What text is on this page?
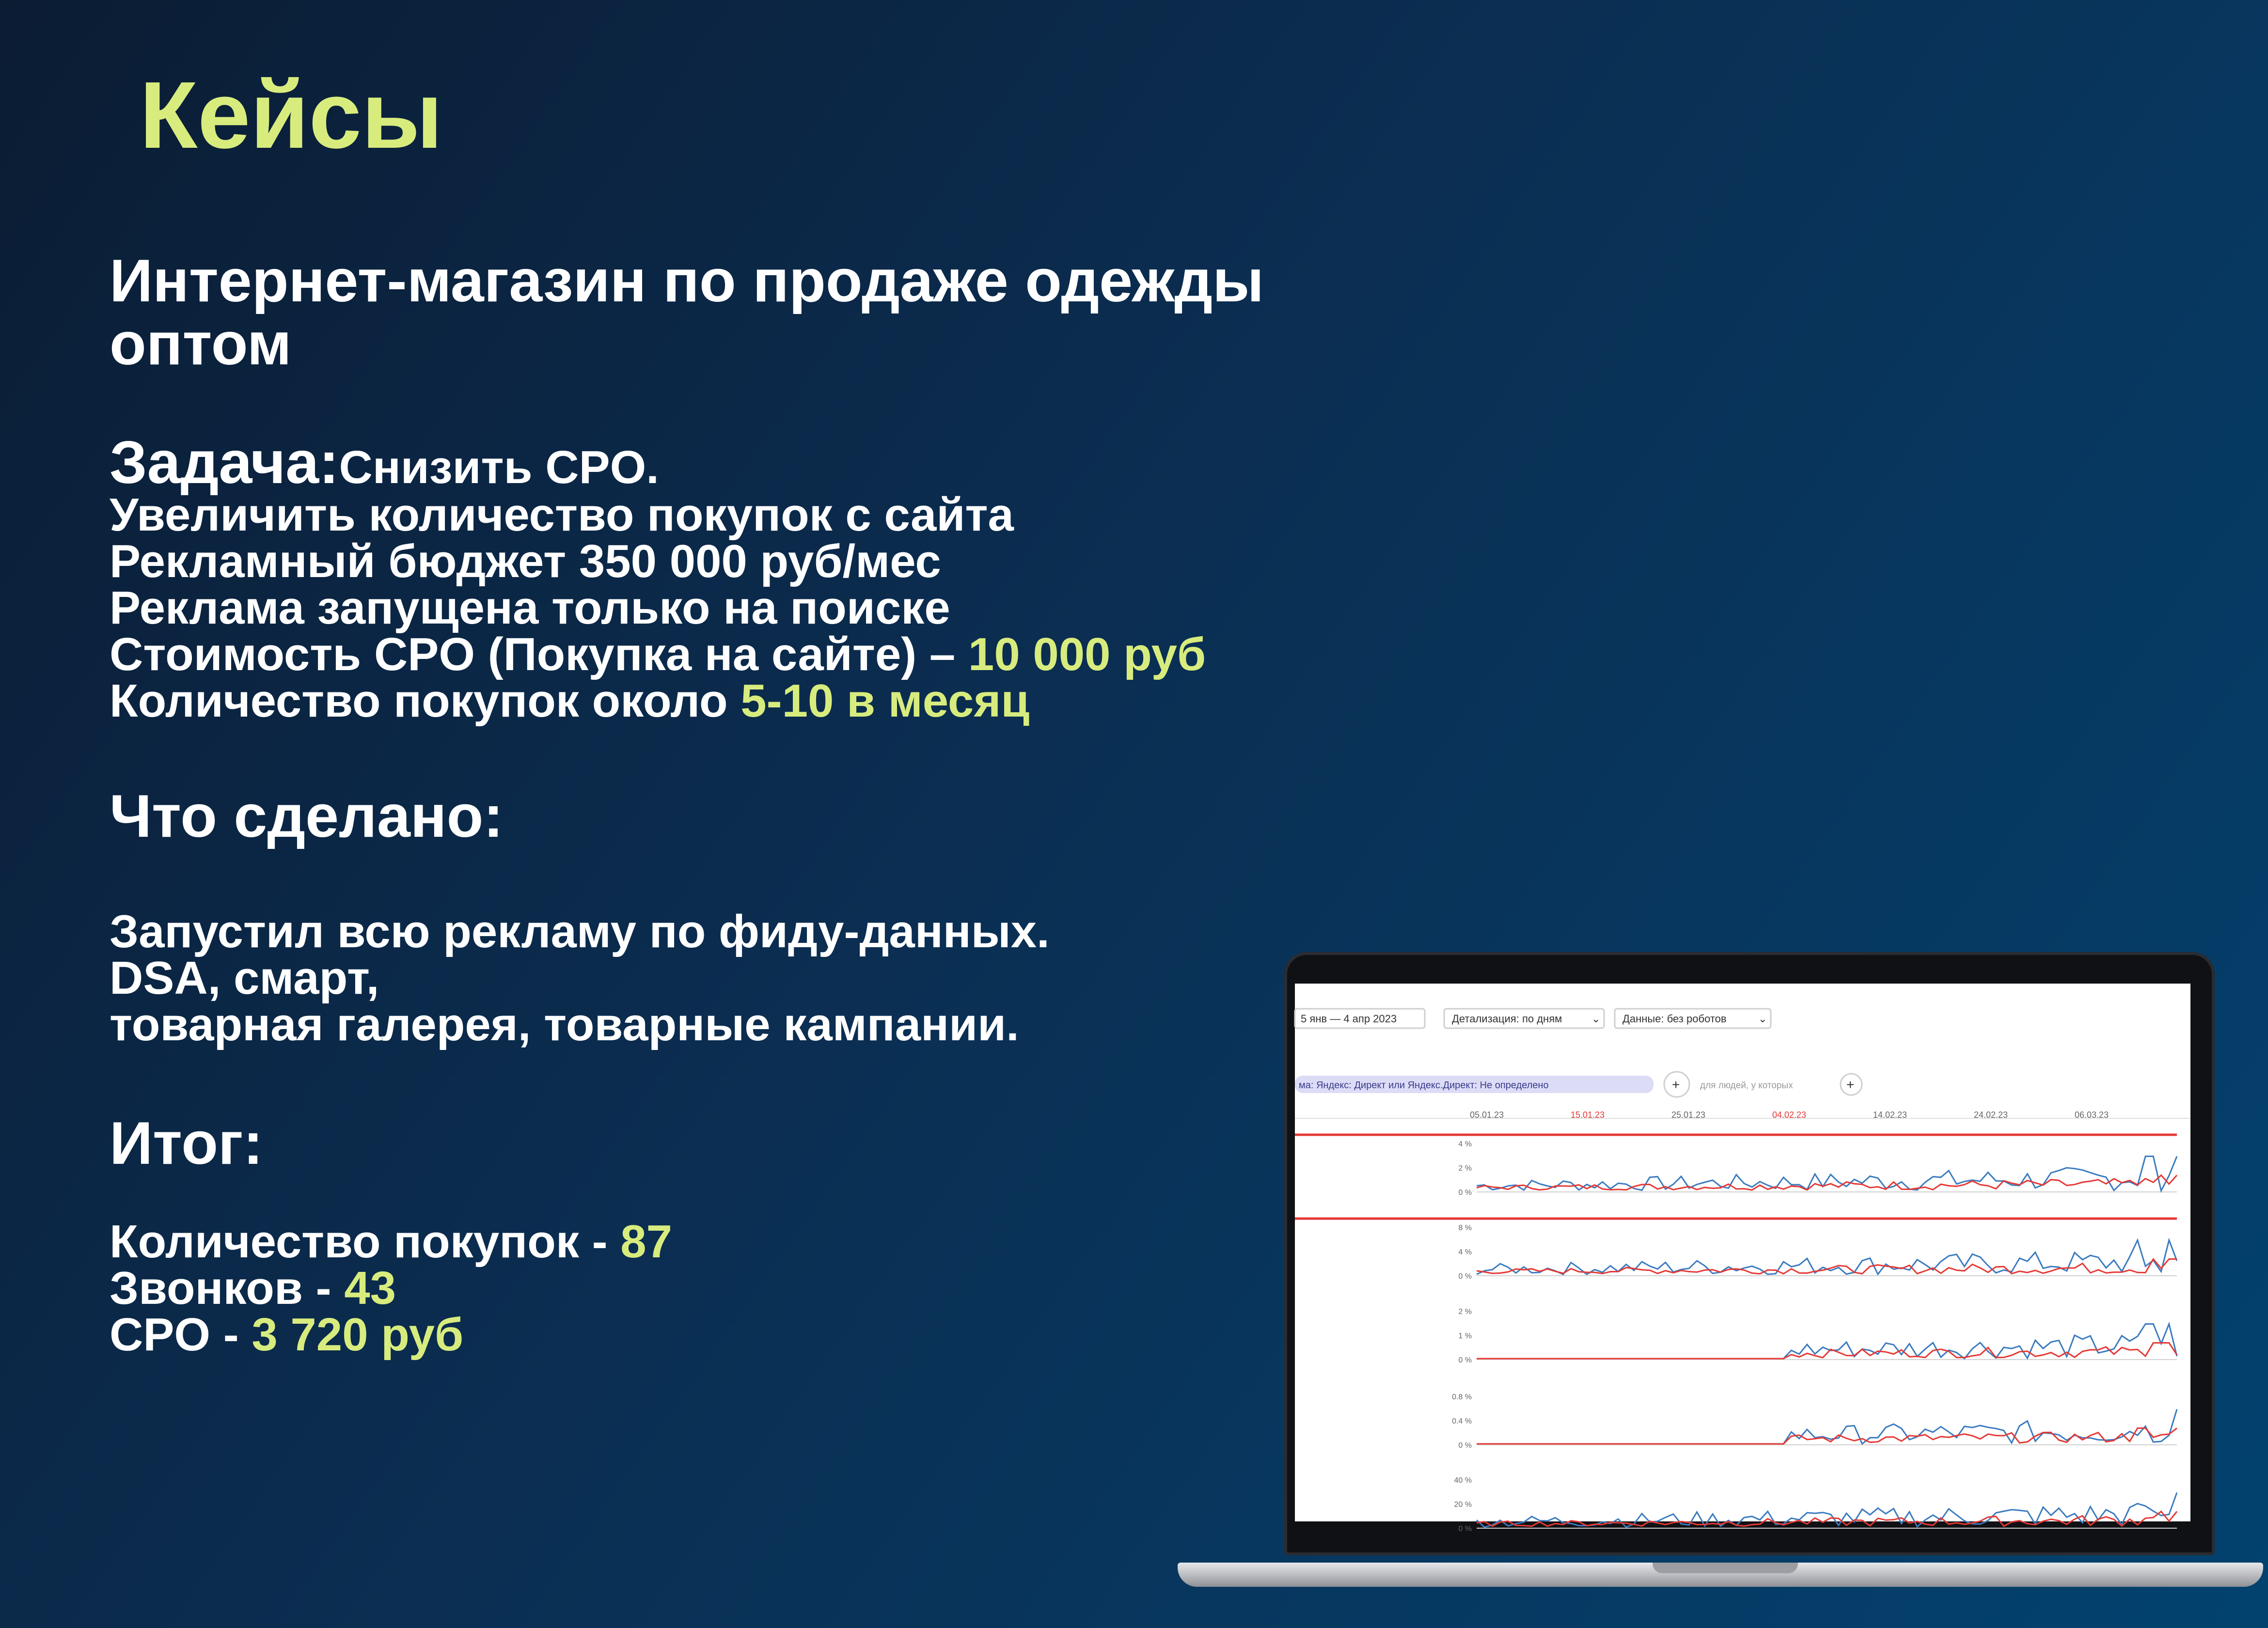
Кейсы
Интернет-магазин по продаже одежды оптом
Задача:Снизить CPO.
Увеличить количество покупок с сайта
Рекламный бюджет 350 000 руб/мес
Реклама запущена только на поиске
Стоимость CPO (Покупка на сайте) – 10 000 руб
Количество покупок около 5-10 в месяц
Что сделано:
Запустил всю рекламу по фиду-данных.
DSA, смарт,
товарная галерея, товарные кампании.
Итог:
Количество покупок - 87
Звонков - 43
CPO - 3 720 руб
5 янв — 4 апр 2023	Детализация: по дням	⌄ Данные: без роботов	⌄
ма: Яндекс: Директ или Яндекс.Директ: Не определено	+ для людей, у которых	+
05.01.23	15.01.23	25.01.23	04.02.23	14.02.23	24.02.23	06.03.23
4 %
2 %
0 %
8 %
4 %
0 %
2 %
1 %
0 %
0.8 %
0.4 %
0 %
40 %
20 %
0 %
